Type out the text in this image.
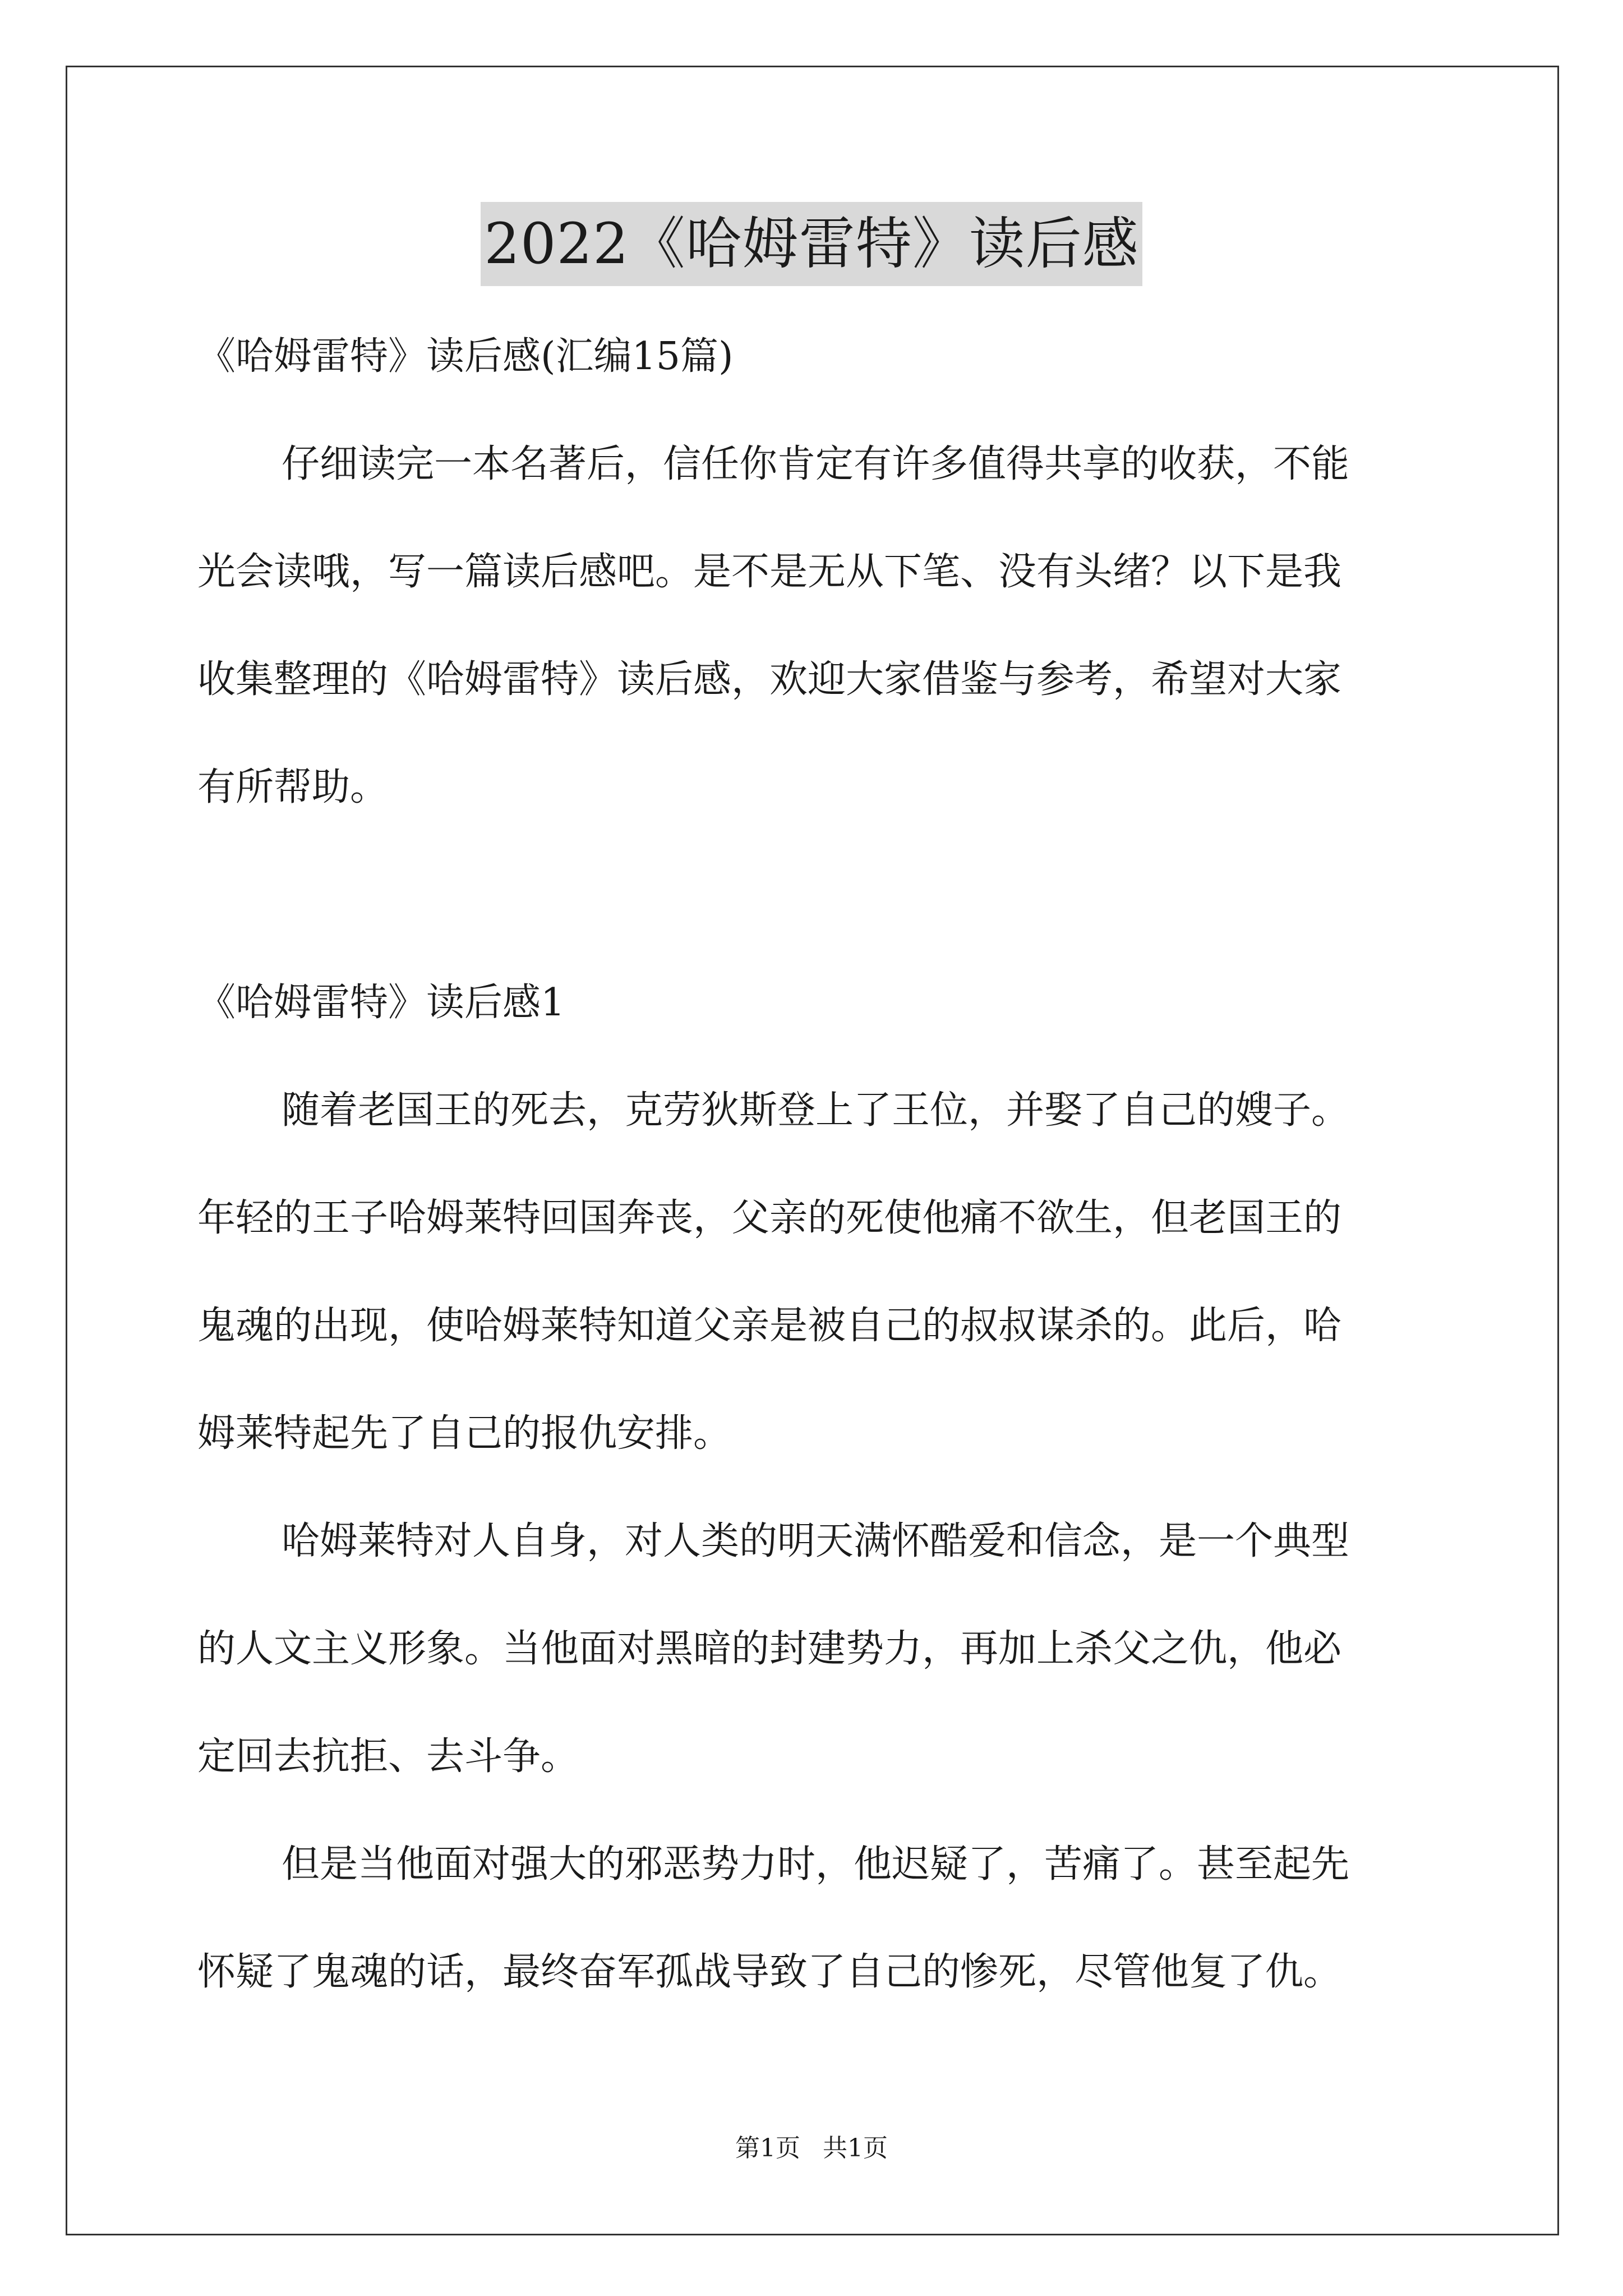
2022《哈姆雷特》读后感
《哈姆雷特》读后感(汇编15篇)
仔细读完一本名著后，信任你肯定有许多值得共享的收获，不能
光会读哦，写一篇读后感吧。是不是无从下笔、没有头绪？以下是我
收集整理的《哈姆雷特》读后感，欢迎大家借鉴与参考，希望对大家
有所帮助。
《哈姆雷特》读后感1
随着老国王的死去，克劳狄斯登上了王位，并娶了自己的嫂子。
年轻的王子哈姆莱特回国奔丧，父亲的死使他痛不欲生，但老国王的
鬼魂的出现，使哈姆莱特知道父亲是被自己的叔叔谋杀的。此后，哈
姆莱特起先了自己的报仇安排。
哈姆莱特对人自身，对人类的明天满怀酷爱和信念，是一个典型
的人文主义形象。当他面对黑暗的封建势力，再加上杀父之仇，他必
定回去抗拒、去斗争。
但是当他面对强大的邪恶势力时，他迟疑了，苦痛了。甚至起先
怀疑了鬼魂的话，最终奋军孤战导致了自己的惨死，尽管他复了仇。
第1页 共1页
